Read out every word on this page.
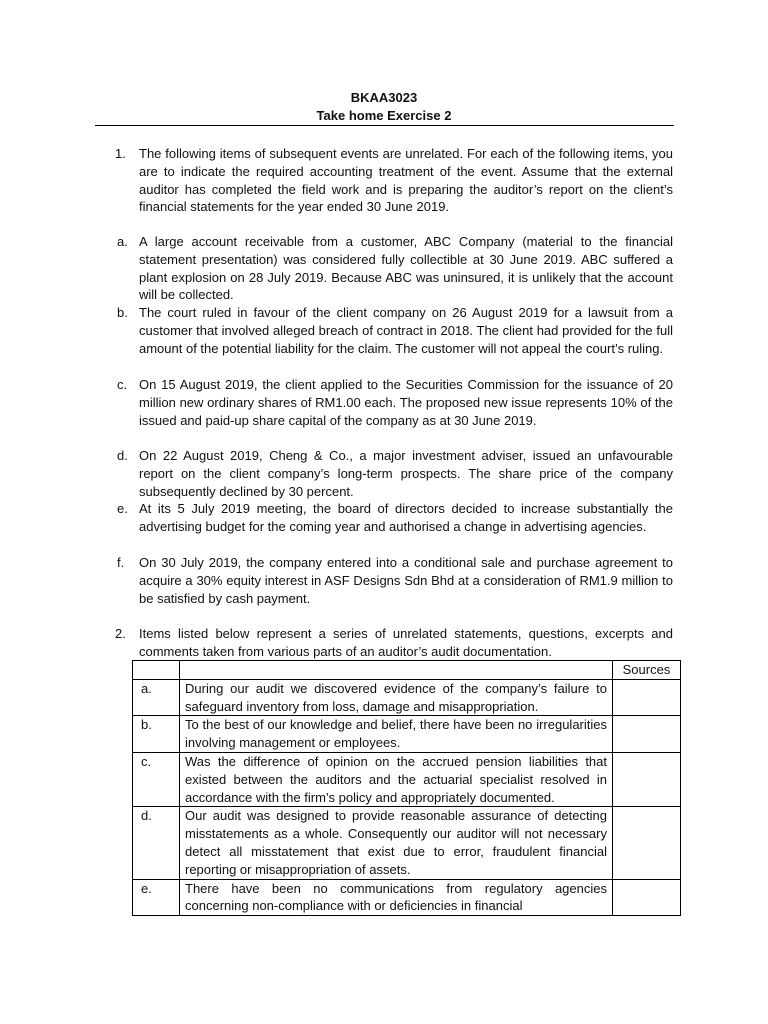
BKAA3023
Take home Exercise 2
1. The following items of subsequent events are unrelated. For each of the following items, you are to indicate the required accounting treatment of the event. Assume that the external auditor has completed the field work and is preparing the auditor’s report on the client’s financial statements for the year ended 30 June 2019.
a. A large account receivable from a customer, ABC Company (material to the financial statement presentation) was considered fully collectible at 30 June 2019. ABC suffered a plant explosion on 28 July 2019. Because ABC was uninsured, it is unlikely that the account will be collected.
b. The court ruled in favour of the client company on 26 August 2019 for a lawsuit from a customer that involved alleged breach of contract in 2018. The client had provided for the full amount of the potential liability for the claim. The customer will not appeal the court’s ruling.
c. On 15 August 2019, the client applied to the Securities Commission for the issuance of 20 million new ordinary shares of RM1.00 each. The proposed new issue represents 10% of the issued and paid-up share capital of the company as at 30 June 2019.
d. On 22 August 2019, Cheng & Co., a major investment adviser, issued an unfavourable report on the client company’s long-term prospects. The share price of the company subsequently declined by 30 percent.
e. At its 5 July 2019 meeting, the board of directors decided to increase substantially the advertising budget for the coming year and authorised a change in advertising agencies.
f. On 30 July 2019, the company entered into a conditional sale and purchase agreement to acquire a 30% equity interest in ASF Designs Sdn Bhd at a consideration of RM1.9 million to be satisfied by cash payment.
2. Items listed below represent a series of unrelated statements, questions, excerpts and comments taken from various parts of an auditor’s audit documentation.
		Sources
a.	During our audit we discovered evidence of the company’s failure to safeguard inventory from loss, damage and misappropriation.	
b.	To the best of our knowledge and belief, there have been no irregularities involving management or employees.	
c.	Was the difference of opinion on the accrued pension liabilities that existed between the auditors and the actuarial specialist resolved in accordance with the firm’s policy and appropriately documented.	
d.	Our audit was designed to provide reasonable assurance of detecting misstatements as a whole. Consequently our auditor will not necessary detect all misstatement that exist due to error, fraudulent financial reporting or misappropriation of assets.	
e.	There have been no communications from regulatory agencies concerning non-compliance with or deficiencies in financial	
